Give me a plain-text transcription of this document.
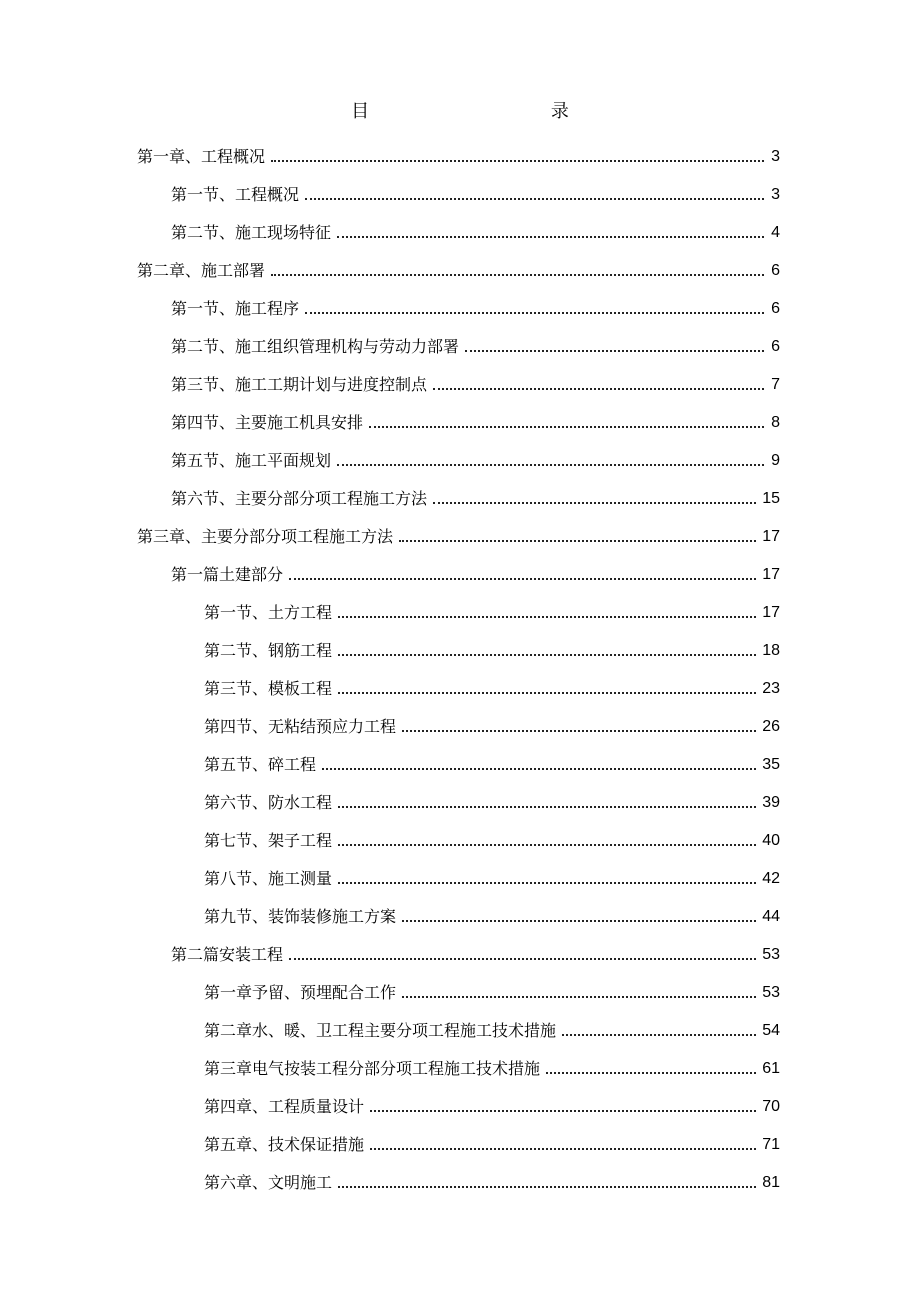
目 录
第一章、工程概况	3
第一节、工程概况	3
第二节、施工现场特征	4
第二章、施工部署	6
第一节、施工程序	6
第二节、施工组织管理机构与劳动力部署	6
第三节、施工工期计划与进度控制点	7
第四节、主要施工机具安排	8
第五节、施工平面规划	9
第六节、主要分部分项工程施工方法	15
第三章、主要分部分项工程施工方法	17
第一篇土建部分	17
第一节、土方工程	17
第二节、钢筋工程	18
第三节、模板工程	23
第四节、无粘结预应力工程	26
第五节、碎工程	35
第六节、防水工程	39
第七节、架子工程	40
第八节、施工测量	42
第九节、装饰装修施工方案	44
第二篇安装工程	53
第一章予留、预埋配合工作	53
第二章水、暖、卫工程主要分项工程施工技术措施	54
第三章电气按装工程分部分项工程施工技术措施	61
第四章、工程质量设计	70
第五章、技术保证措施	71
第六章、文明施工	81
